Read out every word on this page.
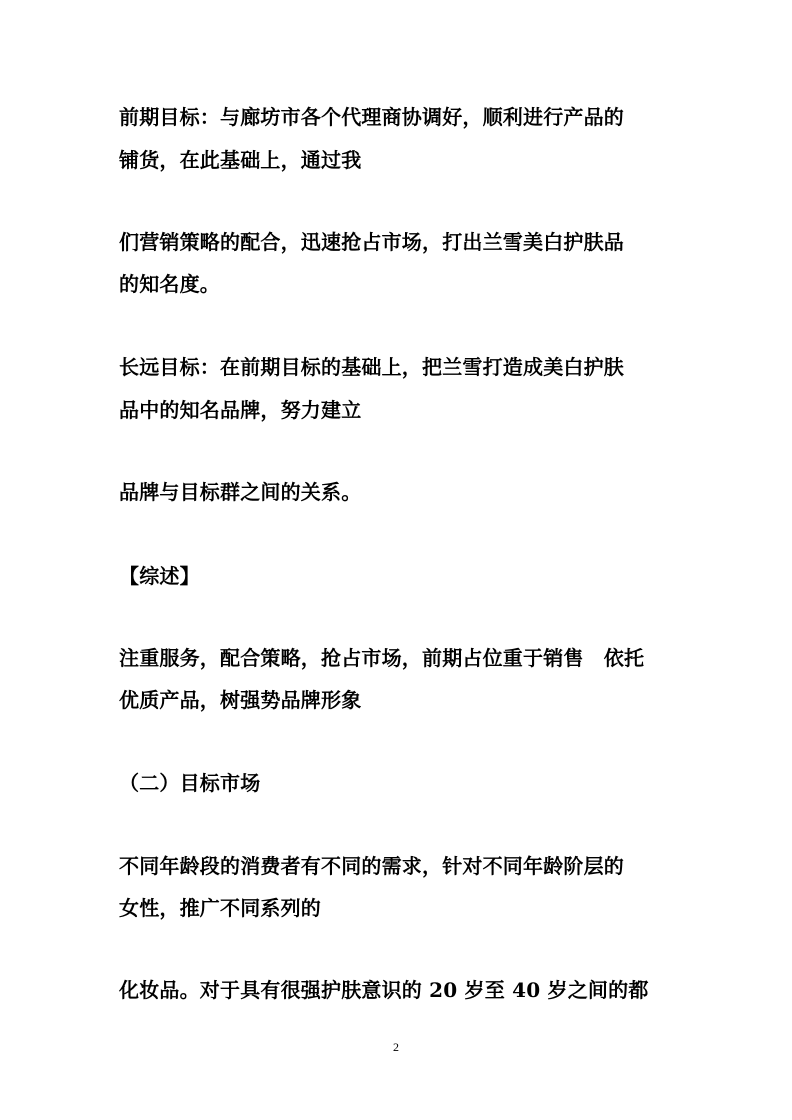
前期目标：与廊坊市各个代理商协调好，顺利进行产品的
铺货，在此基础上，通过我
们营销策略的配合，迅速抢占市场，打出兰雪美白护肤品
的知名度。
长远目标：在前期目标的基础上，把兰雪打造成美白护肤
品中的知名品牌，努力建立
品牌与目标群之间的关系。
【综述】
注重服务，配合策略，抢占市场，前期占位重于销售　依托
优质产品，树强势品牌形象
（二）目标市场
不同年龄段的消费者有不同的需求，针对不同年龄阶层的
女性，推广不同系列的
化妆品。对于具有很强护肤意识的 20 岁至 40 岁之间的都
2
